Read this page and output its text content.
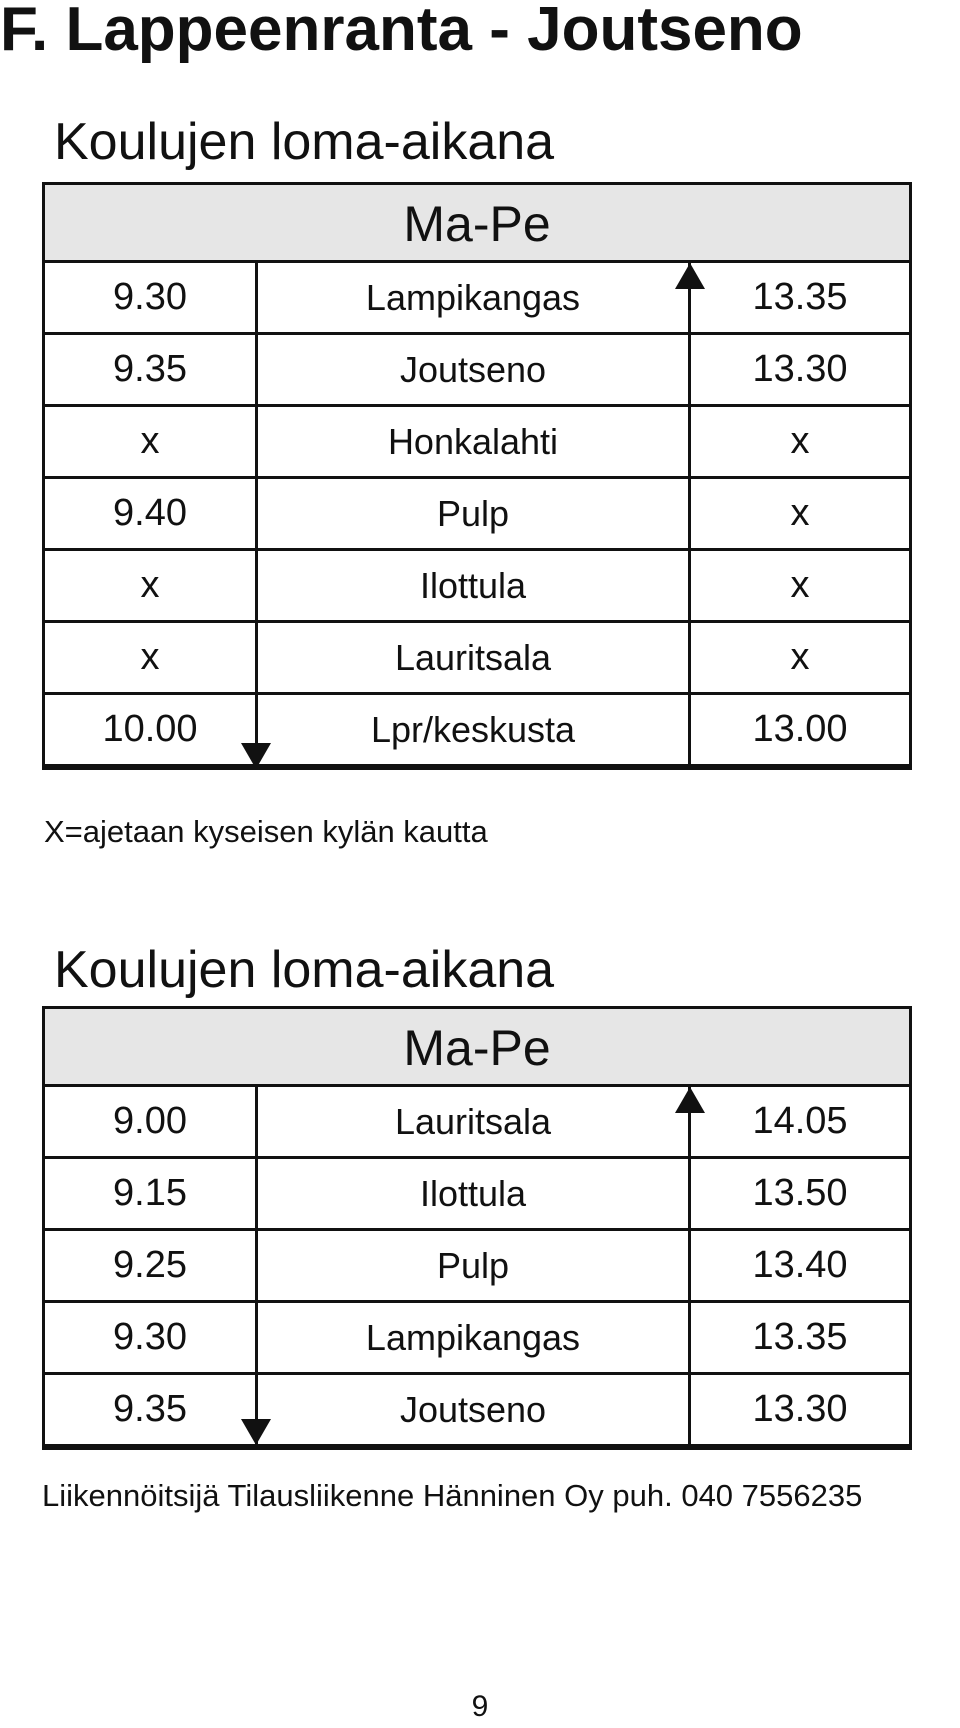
F. Lappeenranta - Joutseno
Koulujen loma-aikana
Ma-Pe
9.30	Lampikangas	13.35
9.35	Joutseno	13.30
x	Honkalahti	x
9.40	Pulp	x
x	Ilottula	x
x	Lauritsala	x
10.00	Lpr/keskusta	13.00
X=ajetaan kyseisen kylän kautta
Koulujen loma-aikana
Ma-Pe
9.00	Lauritsala	14.05
9.15	Ilottula	13.50
9.25	Pulp	13.40
9.30	Lampikangas	13.35
9.35	Joutseno	13.30
Liikennöitsijä Tilausliikenne Hänninen Oy puh. 040 7556235
9
